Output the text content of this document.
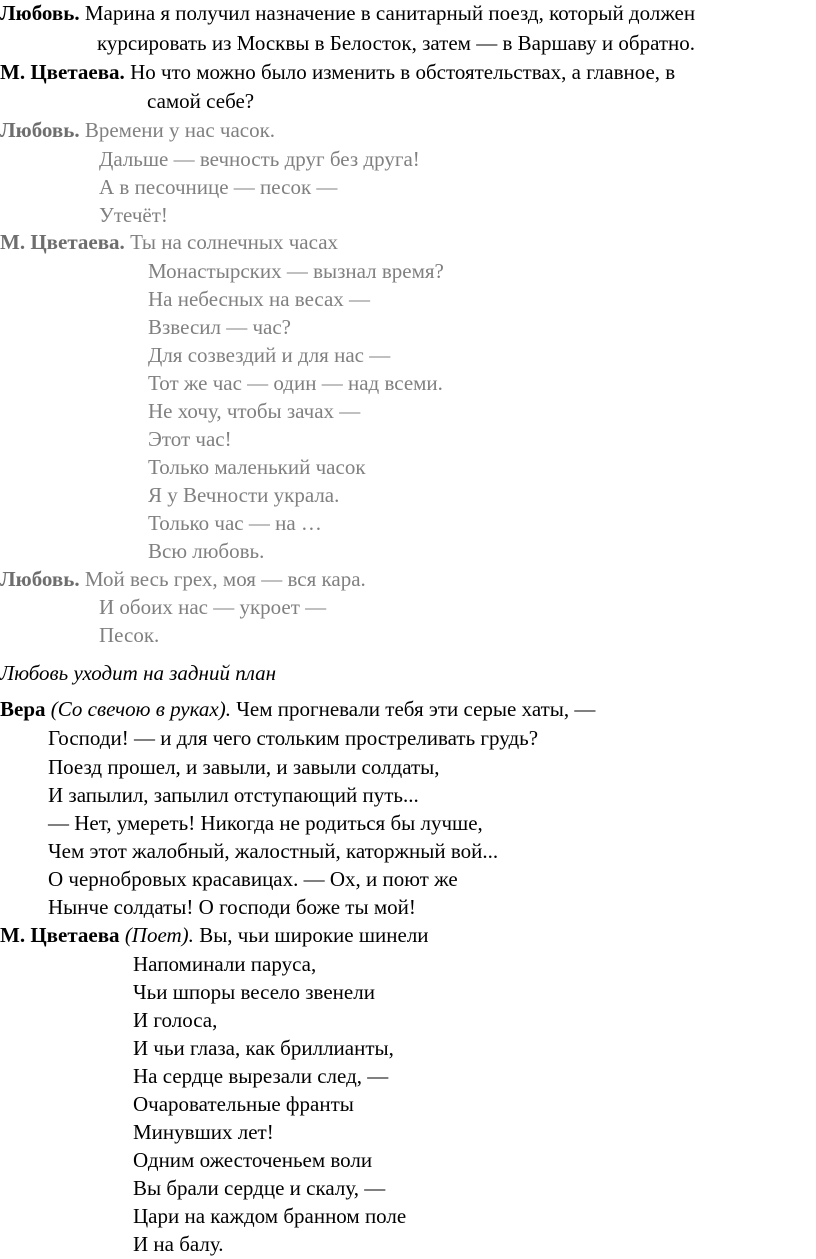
Любовь. Марина я получил назначение в санитарный поезд, который должен
курсировать из Москвы в Белосток, затем — в Варшаву и обратно.
М. Цветаева. Но что можно было изменить в обстоятельствах, а главное, в
самой себе?
Любовь. Времени у нас часок.
Дальше — вечность друг без друга!
А в песочнице — песок —
Утечёт!
М. Цветаева. Ты на солнечных часах
Монастырских — вызнал время?
На небесных на весах —
Взвесил — час?
Для созвездий и для нас —
Тот же час — один — над всеми.
Не хочу, чтобы зачах —
Этот час!
Только маленький часок
Я у Вечности украла.
Только час — на …
Всю любовь.
Любовь. Мой весь грех, моя — вся кара.
И обоих нас — укроет —
Песок.
Любовь уходит на задний план
Вера (Со свечою в руках). Чем прогневали тебя эти серые хаты, —
Господи! — и для чего стольким простреливать грудь?
Поезд прошел, и завыли, и завыли солдаты,
И запылил, запылил отступающий путь...
— Нет, умереть! Никогда не родиться бы лучше,
Чем этот жалобный, жалостный, каторжный вой...
О чернобровых красавицах. — Ох, и поют же
Нынче солдаты! О господи боже ты мой!
М. Цветаева (Поет). Вы, чьи широкие шинели
Напоминали паруса,
Чьи шпоры весело звенели
И голоса,
И чьи глаза, как бриллианты,
На сердце вырезали след, —
Очаровательные франты
Минувших лет!
Одним ожесточеньем воли
Вы брали сердце и скалу, —
Цари на каждом бранном поле
И на балу.
